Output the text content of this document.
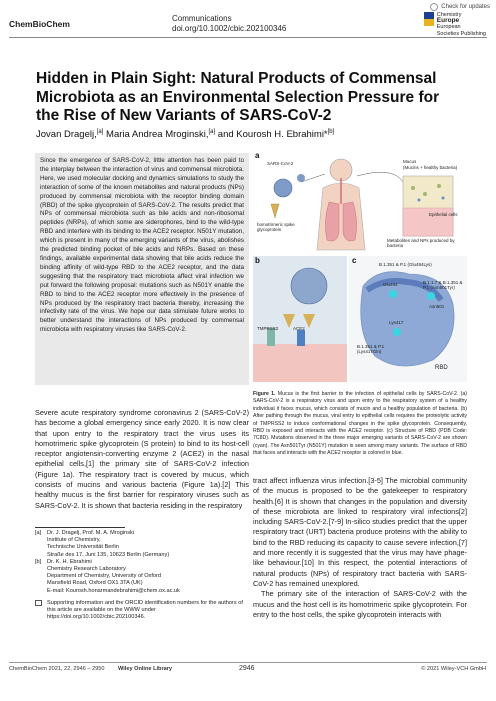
ChemBioChem
Communications
doi.org/10.1002/cbic.202100346
Check for updates
Chemistry
Europe
European
Societies Publishing
Hidden in Plain Sight: Natural Products of Commensal Microbiota as an Environmental Selection Pressure for the Rise of New Variants of SARS-CoV-2
Jovan Dragelj,[a] Maria Andrea Mroginski,[a] and Kourosh H. Ebrahimi*[b]
Since the emergence of SARS-CoV-2, little attention has been paid to the interplay between the interaction of virus and commensal microbiota. Here, we used molecular docking and dynamics simulations to study the interaction of some of the known metabolites and natural products (NPs) produced by commensal microbiota with the receptor binding domain (RBD) of the spike glycoprotein of SARS-CoV-2. The results predict that NPs of commensal microbiota such as bile acids and non-ribosomal peptides (NRPs), of which some are siderophores, bind to the wild-type RBD and interfere with its binding to the ACE2 receptor. N501Y mutation, which is present in many of the emerging variants of the virus, abolishes the predicted binding pocket of bile acids and NRPs. Based on these findings, available experimental data showing that bile acids reduce the binding affinity of wild-type RBD to the ACE2 receptor, and the data suggesting that the respiratory tract microbiota affect viral infection we put forward the following proposal: mutations such as N501Y enable the RBD to bind to the ACE2 receptor more effectively in the presence of NPs produced by the respiratory tract bacteria thereby, increasing the infectivity rate of the virus. We hope our data stimulate future works to better understand the interactions of NPs produced by commensal microbiota with respiratory viruses like SARS-CoV-2.
a
SARS-CoV-2
homotrimeric spike glycoprotein
Mucus
(Mucins + healthy bacteria)
Epithelial cells
Metabolites and NPs produced by bacteria
b
TMPRSS2	ACE2
c	B.1.351 & P.1 (Glu484Lys)
Glu484	B.1.1.7 & B.1.351 & P.1 (Asn501Tyr)
Asn501
Lys417
B.1.351 & P.1 (Lys417Gln)
RBD
Figure 1. Mucus is the first barrier to the infection of epithelial cells by SARS-CoV-2. (a) SARS-CoV-2 is a respiratory virus and upon entry to the respiratory system of a healthy individual it faces mucus, which consists of mucin and a healthy population of bacteria. (b) After pathing through the mucus, viral entry to epithelial cells requires the proteolytic activity of TMPRSS2 to induce conformational changes in the spike glycoprotein. Consequently, RBD is exposed and interacts with the ACE2 receptor. (c) Structure of RBD (PDB Code: 7C8D). Mutations observed in the three major emerging variants of SARS-CoV-2 are shown (cyan). The Asn501Tyr (N501Y) mutation is seen among many variants. The surface of RBD that faces and interacts with the ACE2 receptor is colored in blue.
Severe acute respiratory syndrome coronavirus 2 (SARS-CoV-2) has become a global emergency since early 2020. It is now clear that upon entry to the respiratory tract the virus uses its homotrimeric spike glycoprotein (S protein) to bind to its host-cell receptor angiotensin-converting enzyme 2 (ACE2) in the nasal epithelial cells,[1] the primary site of SARS-CoV-2 infection (Figure 1a). The respiratory tract is covered by mucus, which consists of mucins and various bacteria (Figure 1a).[2] This healthy mucus is the first barrier for respiratory viruses such as SARS-CoV-2. It is shown that bacteria residing in the respiratory
tract affect influenza virus infection.[3-5] The microbial community of the mucus is proposed to be the gatekeeper to respiratory health.[6] It is shown that changes in the population and diversity of these microbiota are linked to respiratory viral infections[2] including SARS-CoV-2.[7-9] In-silico studies predict that the upper respiratory tract (URT) bacteria produce proteins with the ability to bind to the RBD reducing its capacity to cause severe infection,[7] and more recently it is suggested that the virus may have phage-like behaviour.[10] In this respect, the potential interactions of natural products (NPs) of respiratory tract bacteria with SARS-CoV-2 has remained unexplored.

The primary site of the interaction of SARS-CoV-2 with the mucus and the host cell is its homotrimeric spike glycoprotein. For entry to the host cells, the spike glycoprotein interacts with

[a]	Dr. J. Dragelj, Prof. M. A. Mroginski
Institute of Chemistry,
Technische Universität Berlin
Straße des 17. Juni 135, 10623 Berlin (Germany)
[b]	Dr. K. H. Ebrahimi
Chemistry Research Laboratory
Department of Chemistry, University of Oxford
Mansfield Road, Oxford OX1 3TA (UK)
E-mail: Kourosh.honarmandebrahimi@chem.ox.ac.uk
Supporting information and the ORCID identification numbers for the authors of this article are available on the WWW under https://doi.org/10.1002/cbic.202100346.
ChemBioChem 2021, 22, 2946 – 2950 Wiley Online Library	2946	© 2021 Wiley-VCH GmbH
